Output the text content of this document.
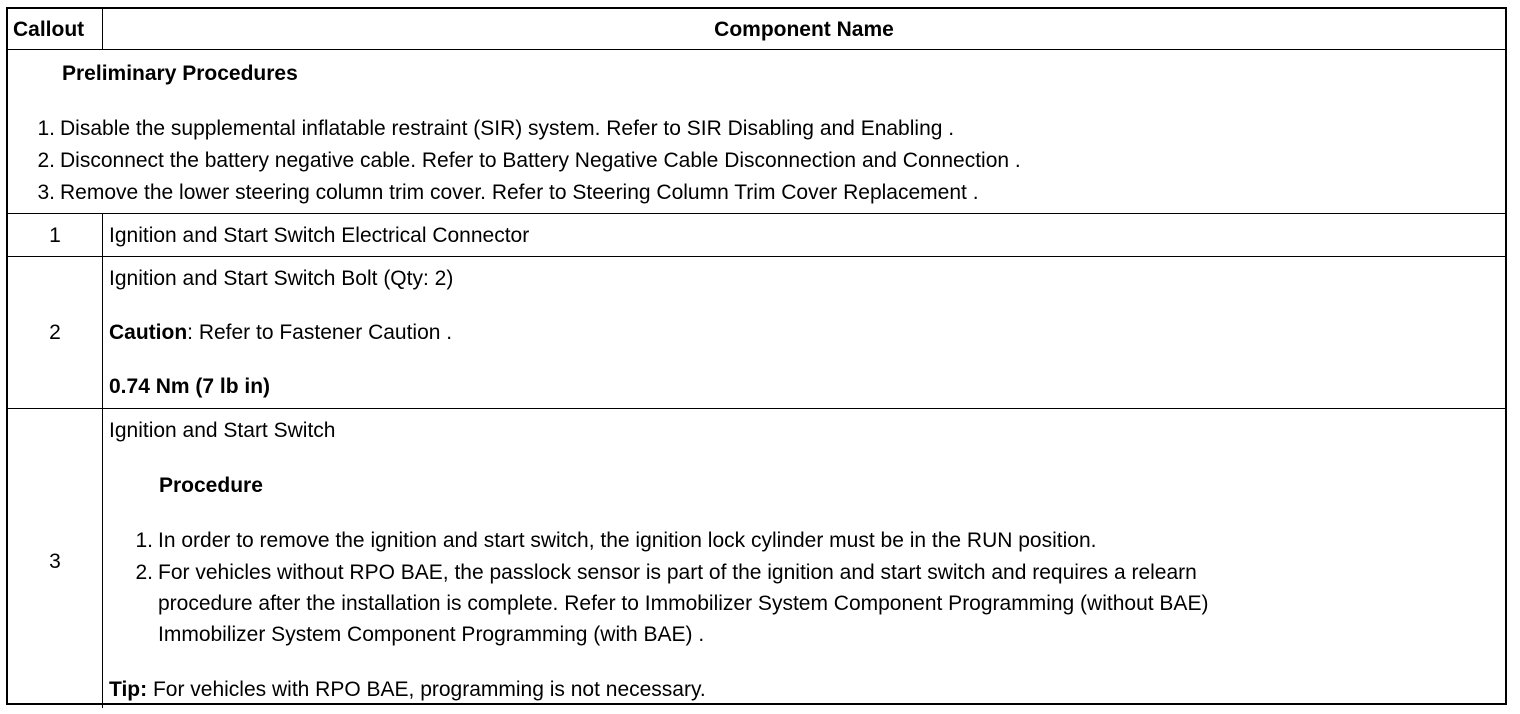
Callout	Component Name
Preliminary Procedures
1. Disable the supplemental inflatable restraint (SIR) system. Refer to SIR Disabling and Enabling .
2. Disconnect the battery negative cable. Refer to Battery Negative Cable Disconnection and Connection .
3. Remove the lower steering column trim cover. Refer to Steering Column Trim Cover Replacement .
1	Ignition and Start Switch Electrical Connector
2
Ignition and Start Switch Bolt (Qty: 2)
Caution: Refer to Fastener Caution .
0.74 Nm (7 lb in)
3
Ignition and Start Switch
Procedure
1. In order to remove the ignition and start switch, the ignition lock cylinder must be in the RUN position.
2. For vehicles without RPO BAE, the passlock sensor is part of the ignition and start switch and requires a relearn
procedure after the installation is complete. Refer to Immobilizer System Component Programming (without BAE)
Immobilizer System Component Programming (with BAE) .
Tip: For vehicles with RPO BAE, programming is not necessary.
